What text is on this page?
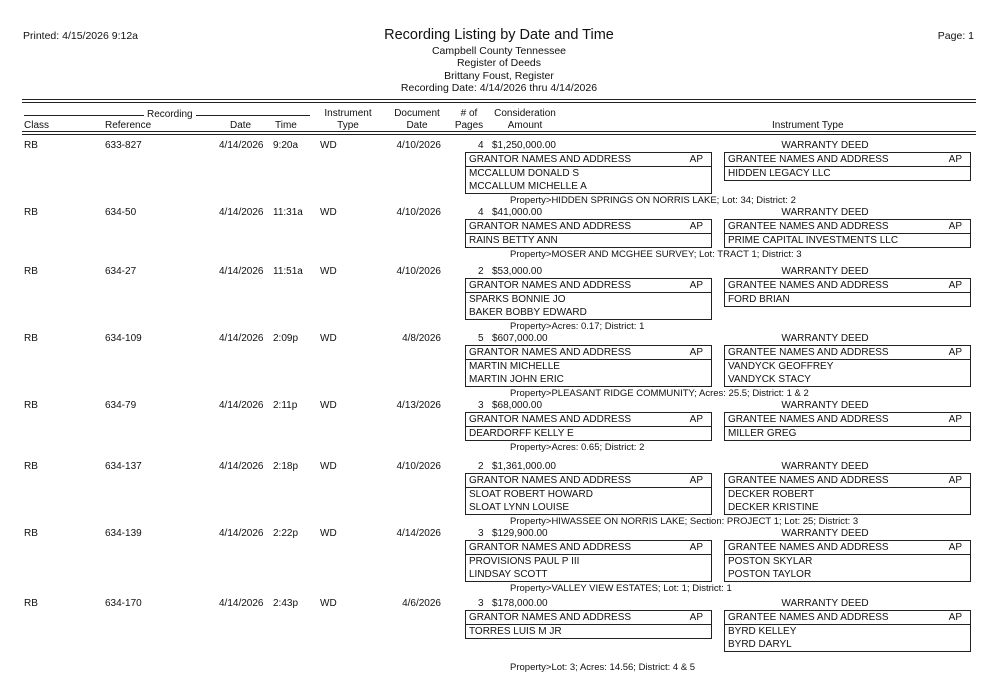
Printed: 4/15/2026 9:12a	Page: 1
Recording Listing by Date and Time
Campbell County Tennessee
Register of Deeds
Brittany Foust, Register
Recording Date: 4/14/2026 thru 4/14/2026
Recording
Class	Reference	Date Time
Instrument
Type
Document
Date
# of
Pages
Consideration
Amount	Instrument Type
RB	633-827	4/14/2026 9:20a WD	4/10/2026	4 $1,250,000.00	WARRANTY DEED
GRANTOR NAMES AND ADDRESS	AP
MCCALLUM DONALD S
MCCALLUM MICHELLE A
GRANTEE NAMES AND ADDRESS	AP
HIDDEN LEGACY LLC
Property>HIDDEN SPRINGS ON NORRIS LAKE; Lot: 34; District: 2
RB	634-50	4/14/2026 11:31a WD	4/10/2026	4 $41,000.00	WARRANTY DEED
GRANTOR NAMES AND ADDRESS	AP
RAINS BETTY ANN
GRANTEE NAMES AND ADDRESS	AP
PRIME CAPITAL INVESTMENTS LLC
Property>MOSER AND MCGHEE SURVEY; Lot: TRACT 1; District: 3
RB	634-27	4/14/2026 11:51a WD	4/10/2026	2 $53,000.00	WARRANTY DEED
GRANTOR NAMES AND ADDRESS	AP
SPARKS BONNIE JO
BAKER BOBBY EDWARD
GRANTEE NAMES AND ADDRESS	AP
FORD BRIAN
Property>Acres: 0.17; District: 1
RB	634-109	4/14/2026 2:09p WD	4/8/2026	5 $607,000.00	WARRANTY DEED
GRANTOR NAMES AND ADDRESS	AP
MARTIN MICHELLE
MARTIN JOHN ERIC
GRANTEE NAMES AND ADDRESS	AP
VANDYCK GEOFFREY
VANDYCK STACY
Property>PLEASANT RIDGE COMMUNITY; Acres: 25.5; District: 1 & 2
RB	634-79	4/14/2026 2:11p WD	4/13/2026	3 $68,000.00	WARRANTY DEED
GRANTOR NAMES AND ADDRESS	AP
DEARDORFF KELLY E
GRANTEE NAMES AND ADDRESS	AP
MILLER GREG
Property>Acres: 0.65; District: 2
RB	634-137	4/14/2026 2:18p WD	4/10/2026	2 $1,361,000.00	WARRANTY DEED
GRANTOR NAMES AND ADDRESS	AP
SLOAT ROBERT HOWARD
SLOAT LYNN LOUISE
GRANTEE NAMES AND ADDRESS	AP
DECKER ROBERT
DECKER KRISTINE
Property>HIWASSEE ON NORRIS LAKE; Section: PROJECT 1; Lot: 25; District: 3
RB	634-139	4/14/2026 2:22p WD	4/14/2026	3 $129,900.00	WARRANTY DEED
GRANTOR NAMES AND ADDRESS	AP
PROVISIONS PAUL P III
LINDSAY SCOTT
GRANTEE NAMES AND ADDRESS	AP
POSTON SKYLAR
POSTON TAYLOR
Property>VALLEY VIEW ESTATES; Lot: 1; District: 1
RB	634-170	4/14/2026 2:43p WD	4/6/2026	3 $178,000.00	WARRANTY DEED
GRANTOR NAMES AND ADDRESS	AP
TORRES LUIS M JR
GRANTEE NAMES AND ADDRESS	AP
BYRD KELLEY
BYRD DARYL
Property>Lot: 3; Acres: 14.56; District: 4 & 5
